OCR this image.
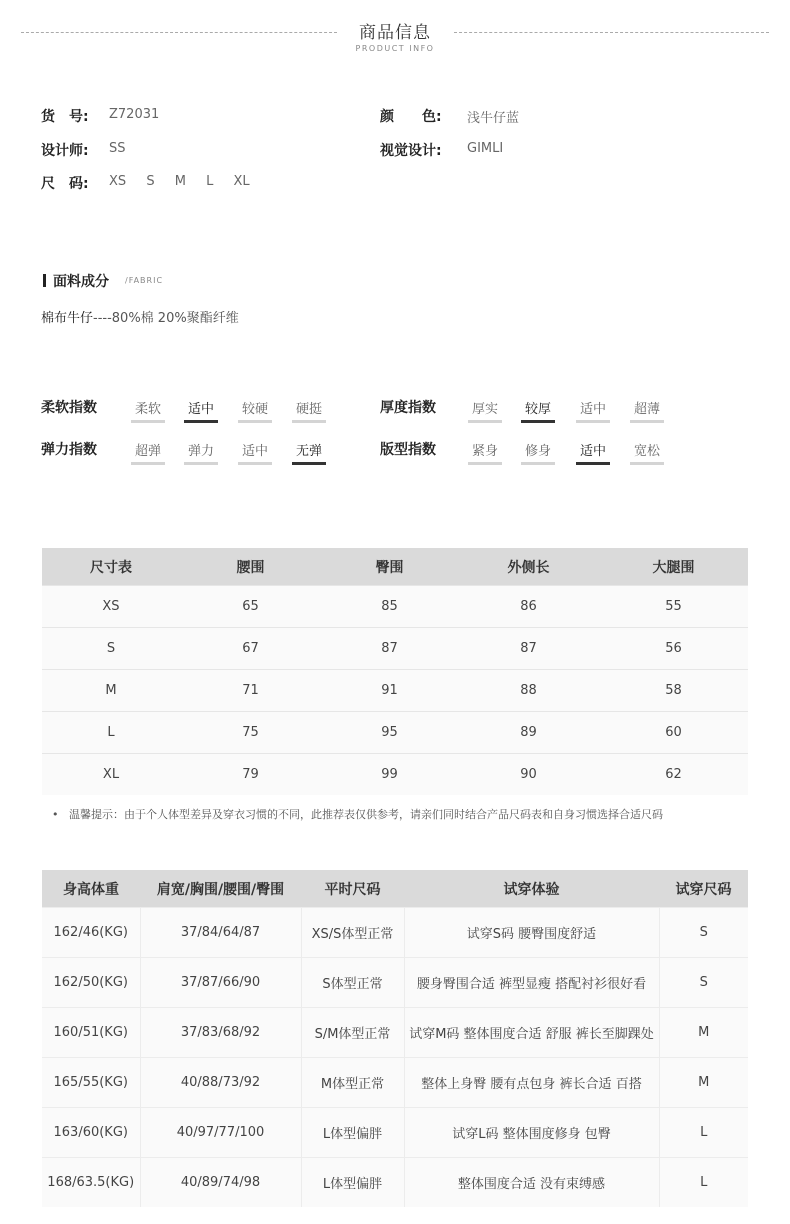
商品信息
PRODUCT INFO
货　号: Z72031	颜　　色: 浅牛仔蓝
设计师: SS	视觉设计: GIMLI
尺　码: XS S M L XL
面料成分 /FABRIC
棉布牛仔----80%棉 20%聚酯纤维
柔软指数	柔软	适中	较硬	硬挺	厚度指数	厚实	较厚	适中	超薄
弹力指数	超弹	弹力	适中	无弹	版型指数	紧身	修身	适中	宽松
尺寸表	腰围	臀围	外侧长	大腿围
XS	65	85	86	55
S	67	87	87	56
M	71	91	88	58
L	75	95	89	60
XL	79	99	90	62
•   温馨提示：由于个人体型差异及穿衣习惯的不同，此推荐表仅供参考，请亲们同时结合产品尺码表和自身习惯选择合适尺码
身高体重	肩宽/胸围/腰围/臀围	平时尺码	试穿体验	试穿尺码
162/46(KG)	37/84/64/87	XS/S体型正常	试穿S码 腰臀围度舒适	S
162/50(KG)	37/87/66/90	S体型正常	腰身臀围合适 裤型显瘦 搭配衬衫很好看	S
160/51(KG)	37/83/68/92	S/M体型正常	试穿M码 整体围度合适 舒服 裤长至脚踝处	M
165/55(KG)	40/88/73/92	M体型正常	整体上身臀 腰有点包身 裤长合适 百搭	M
163/60(KG)	40/97/77/100	L体型偏胖	试穿L码 整体围度修身 包臀	L
168/63.5(KG)	40/89/74/98	L体型偏胖	整体围度合适 没有束缚感	L
